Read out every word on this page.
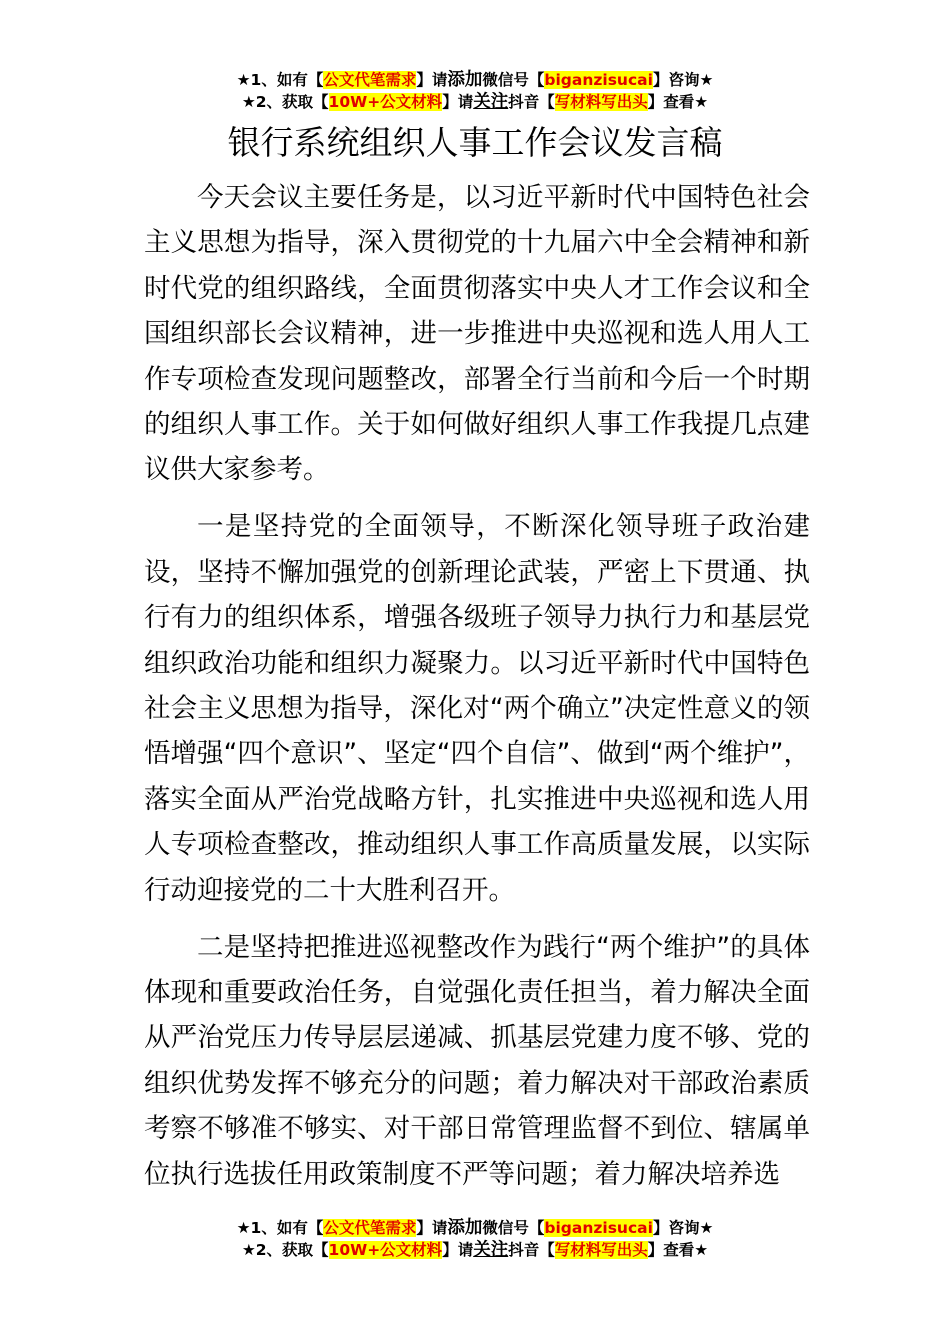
★1、如有【公文代笔需求】请添加微信号【biganzisucai】咨询★
★2、获取【10W+公文材料】请关注抖音【写材料写出头】查看★
银行系统组织人事工作会议发言稿

今天会议主要任务是，以习近平新时代中国特色社会主义思想为指导，深入贯彻党的十九届六中全会精神和新时代党的组织路线，全面贯彻落实中央人才工作会议和全国组织部长会议精神，进一步推进中央巡视和选人用人工作专项检查发现问题整改，部署全行当前和今后一个时期的组织人事工作。关于如何做好组织人事工作我提几点建议供大家参考。

一是坚持党的全面领导，不断深化领导班子政治建设，坚持不懈加强党的创新理论武装，严密上下贯通、执行有力的组织体系，增强各级班子领导力执行力和基层党组织政治功能和组织力凝聚力。以习近平新时代中国特色社会主义思想为指导，深化对“两个确立”决定性意义的领悟增强“四个意识”、坚定“四个自信”、做到“两个维护”，落实全面从严治党战略方针，扎实推进中央巡视和选人用人专项检查整改，推动组织人事工作高质量发展，以实际行动迎接党的二十大胜利召开。

二是坚持把推进巡视整改作为践行“两个维护”的具体体现和重要政治任务，自觉强化责任担当，着力解决全面从严治党压力传导层层递减、抓基层党建力度不够、党的组织优势发挥不够充分的问题；着力解决对干部政治素质考察不够准不够实、对干部日常管理监督不到位、辖属单位执行选拔任用政策制度不严等问题；着力解决培养选

★1、如有【公文代笔需求】请添加微信号【biganzisucai】咨询★
★2、获取【10W+公文材料】请关注抖音【写材料写出头】查看★
